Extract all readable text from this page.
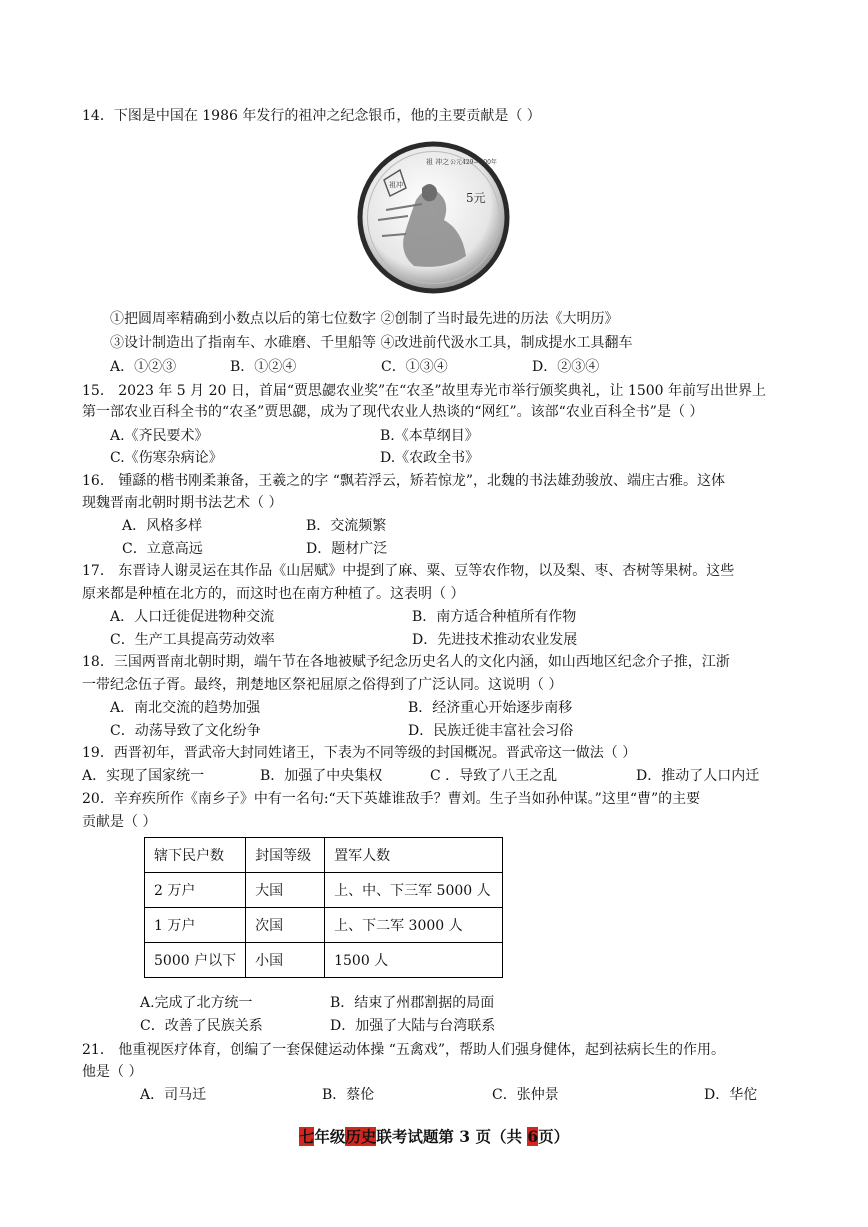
14．下图是中国在 1986 年发行的祖冲之纪念银币，他的主要贡献是（ ）
祖冲
祖 冲之 公元429—500年
5元
①把圆周率精确到小数点以后的第七位数字 ②创制了当时最先进的历法《大明历》
③设计制造出了指南车、水碓磨、千里船等 ④改进前代汲水工具，制成提水工具翻车
A．①②③	B．①②④	C．①③④	D．②③④
15． 2023 年 5 月 20 日，首届“贾思勰农业奖”在“农圣”故里寿光市举行颁奖典礼，让 1500 年前写出世界上
第一部农业百科全书的“农圣”贾思勰，成为了现代农业人热谈的“网红”。该部“农业百科全书”是（ ）
A.《齐民要术》	B.《本草纲目》
C.《伤寒杂病论》	D.《农政全书》
16． 锺繇的楷书刚柔兼备，王羲之的字 “飘若浮云，矫若惊龙”，北魏的书法雄劲骏放、端庄古雅。这体
现魏晋南北朝时期书法艺术（ ）
A．风格多样	B．交流频繁
C．立意高远	D．题材广泛
17． 东晋诗人谢灵运在其作品《山居赋》中提到了麻、粟、豆等农作物，以及梨、枣、杏树等果树。这些
原来都是种植在北方的，而这时也在南方种植了。这表明（ ）
A．人口迁徙促进物种交流	B．南方适合种植所有作物
C．生产工具提高劳动效率	D．先进技术推动农业发展
18．三国两晋南北朝时期，端午节在各地被赋予纪念历史名人的文化内涵，如山西地区纪念介子推，江浙
一带纪念伍子胥。最终，荆楚地区祭祀屈原之俗得到了广泛认同。这说明（ ）
A．南北交流的趋势加强	B．经济重心开始逐步南移
C．动荡导致了文化纷争	D．民族迁徙丰富社会习俗
19．西晋初年，晋武帝大封同姓诸王，下表为不同等级的封国概况。晋武帝这一做法（ ）
A．实现了国家统一	B．加强了中央集权	C ．导致了八王之乱	D．推动了人口内迁
20．辛弃疾所作《南乡子》中有一名句:“天下英雄谁敌手？曹刘。生子当如孙仲谋。”这里“曹”的主要
贡献是（ ）
辖下民户数	封国等级	置军人数
2 万户	大国	上、中、下三军 5000 人
1 万户	次国	上、下二军 3000 人
5000 户以下	小国	1500 人
A.完成了北方统一	B．结束了州郡割据的局面
C．改善了民族关系	D．加强了大陆与台湾联系
21． 他重视医疗体育，创编了一套保健运动体操 “五禽戏”，帮助人们强身健体，起到祛病长生的作用。
他是（ ）
A．司马迁	B．蔡伦	C．张仲景	D．华佗
七年级历史联考试题第 3 页（共 6页）
